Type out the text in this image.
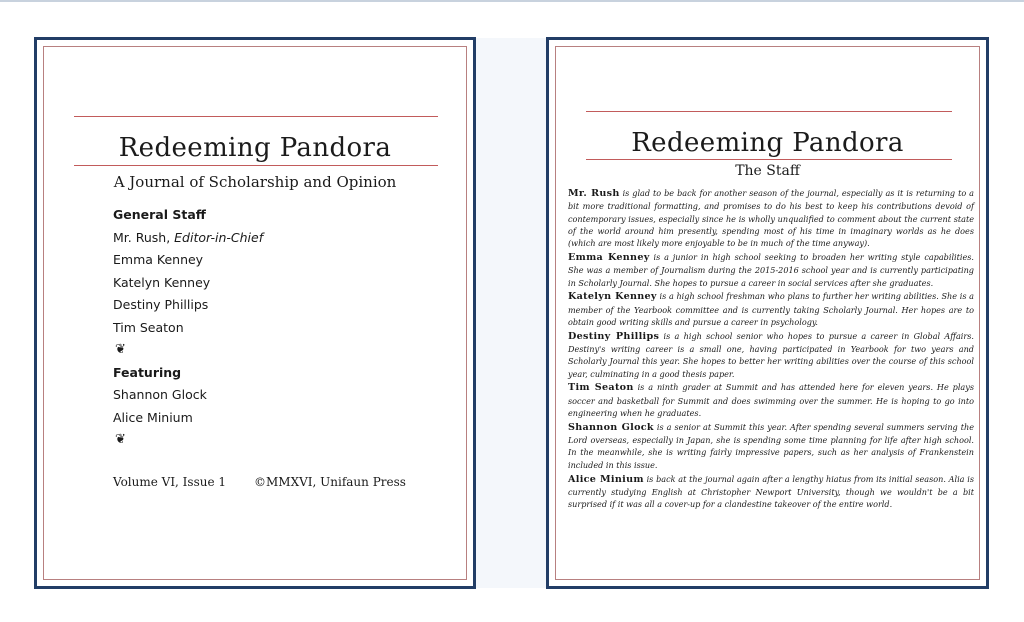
Redeeming Pandora
A Journal of Scholarship and Opinion
General Staff
Mr. Rush, Editor-in-Chief
Emma Kenney
Katelyn Kenney
Destiny Phillips
Tim Seaton
❦
Featuring
Shannon Glock
Alice Minium
❦
Volume VI, Issue 1 ©MMXVI, Unifaun Press
Redeeming Pandora
The Staff

Mr. Rush is glad to be back for another season of the journal, especially as it is returning to a bit more traditional formatting, and promises to do his best to keep his contributions devoid of contemporary issues, especially since he is wholly unqualified to comment about the current state of the world around him presently, spending most of his time in imaginary worlds as he does (which are most likely more enjoyable to be in much of the time anyway).

Emma Kenney is a junior in high school seeking to broaden her writing style capabilities. She was a member of Journalism during the 2015-2016 school year and is currently participating in Scholarly Journal. She hopes to pursue a career in social services after she graduates.

Katelyn Kenney is a high school freshman who plans to further her writing abilities. She is a member of the Yearbook committee and is currently taking Scholarly Journal. Her hopes are to obtain good writing skills and pursue a career in psychology.

Destiny Phillips is a high school senior who hopes to pursue a career in Global Affairs. Destiny's writing career is a small one, having participated in Yearbook for two years and Scholarly Journal this year. She hopes to better her writing abilities over the course of this school year, culminating in a good thesis paper.

Tim Seaton is a ninth grader at Summit and has attended here for eleven years. He plays soccer and basketball for Summit and does swimming over the summer. He is hoping to go into engineering when he graduates.

Shannon Glock is a senior at Summit this year. After spending several summers serving the Lord overseas, especially in Japan, she is spending some time planning for life after high school. In the meanwhile, she is writing fairly impressive papers, such as her analysis of Frankenstein included in this issue.

Alice Minium is back at the journal again after a lengthy hiatus from its initial season. Alia is currently studying English at Christopher Newport University, though we wouldn't be a bit surprised if it was all a cover-up for a clandestine takeover of the entire world.
